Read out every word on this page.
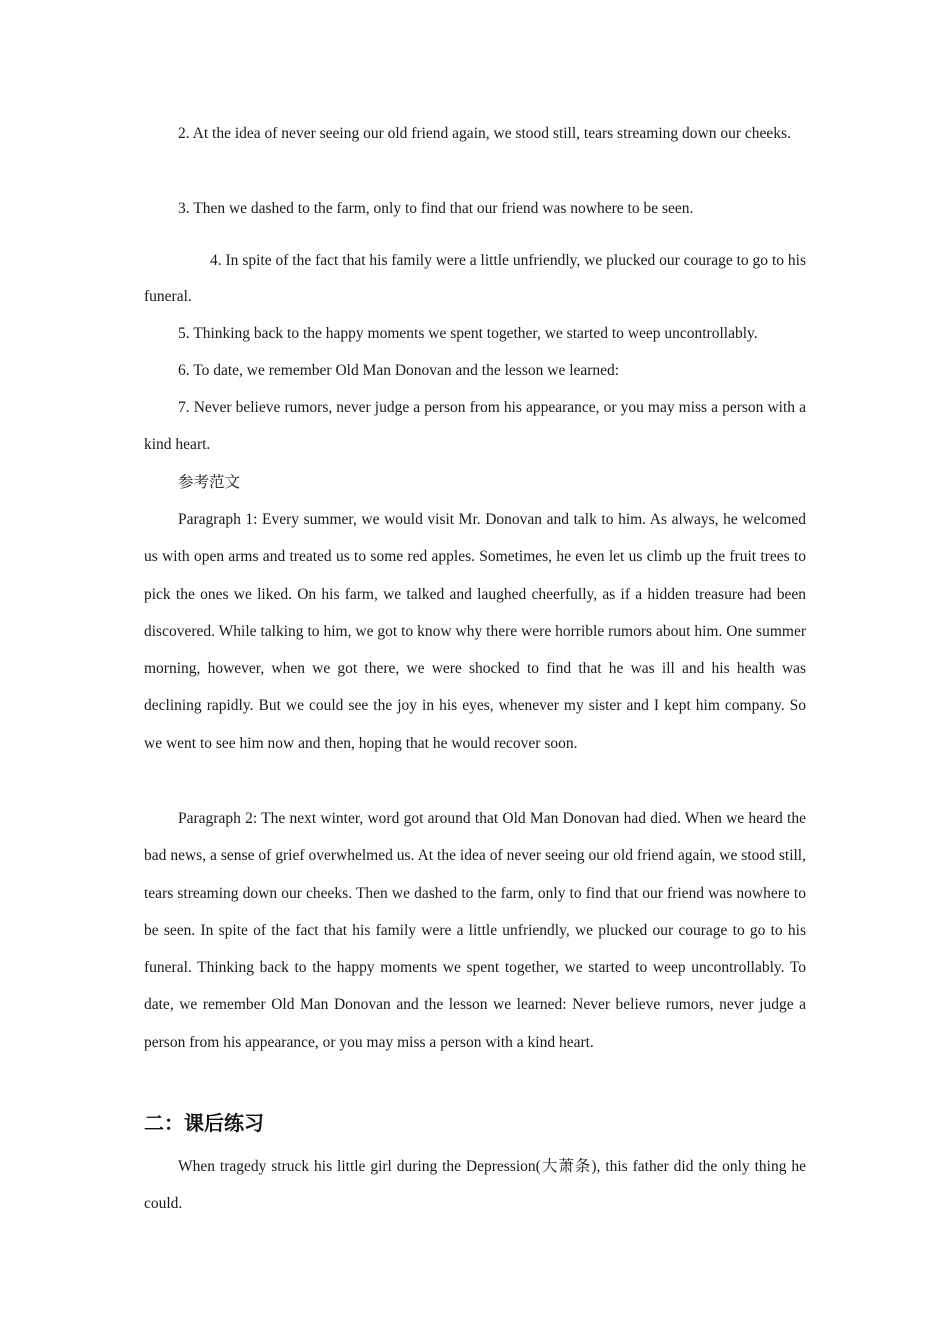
2. At the idea of never seeing our old friend again, we stood still, tears streaming down our cheeks.

3. Then we dashed to the farm, only to find that our friend was nowhere to be seen.

4. In spite of the fact that his family were a little unfriendly, we plucked our courage to go to his funeral.

5. Thinking back to the happy moments we spent together, we started to weep uncontrollably.

6. To date, we remember Old Man Donovan and the lesson we learned:

7. Never believe rumors, never judge a person from his appearance, or you may miss a person with a kind heart.

参考范文

Paragraph 1: Every summer, we would visit Mr. Donovan and talk to him. As always, he welcomed us with open arms and treated us to some red apples. Sometimes, he even let us climb up the fruit trees to pick the ones we liked. On his farm, we talked and laughed cheerfully, as if a hidden treasure had been discovered. While talking to him, we got to know why there were horrible rumors about him. One summer morning, however, when we got there, we were shocked to find that he was ill and his health was declining rapidly. But we could see the joy in his eyes, whenever my sister and I kept him company. So we went to see him now and then, hoping that he would recover soon.

Paragraph 2: The next winter, word got around that Old Man Donovan had died. When we heard the bad news, a sense of grief overwhelmed us. At the idea of never seeing our old friend again, we stood still, tears streaming down our cheeks. Then we dashed to the farm, only to find that our friend was nowhere to be seen. In spite of the fact that his family were a little unfriendly, we plucked our courage to go to his funeral. Thinking back to the happy moments we spent together, we started to weep uncontrollably. To date, we remember Old Man Donovan and the lesson we learned: Never believe rumors, never judge a person from his appearance, or you may miss a person with a kind heart.

二：课后练习

When tragedy struck his little girl during the Depression(大萧条), this father did the only thing he could.
